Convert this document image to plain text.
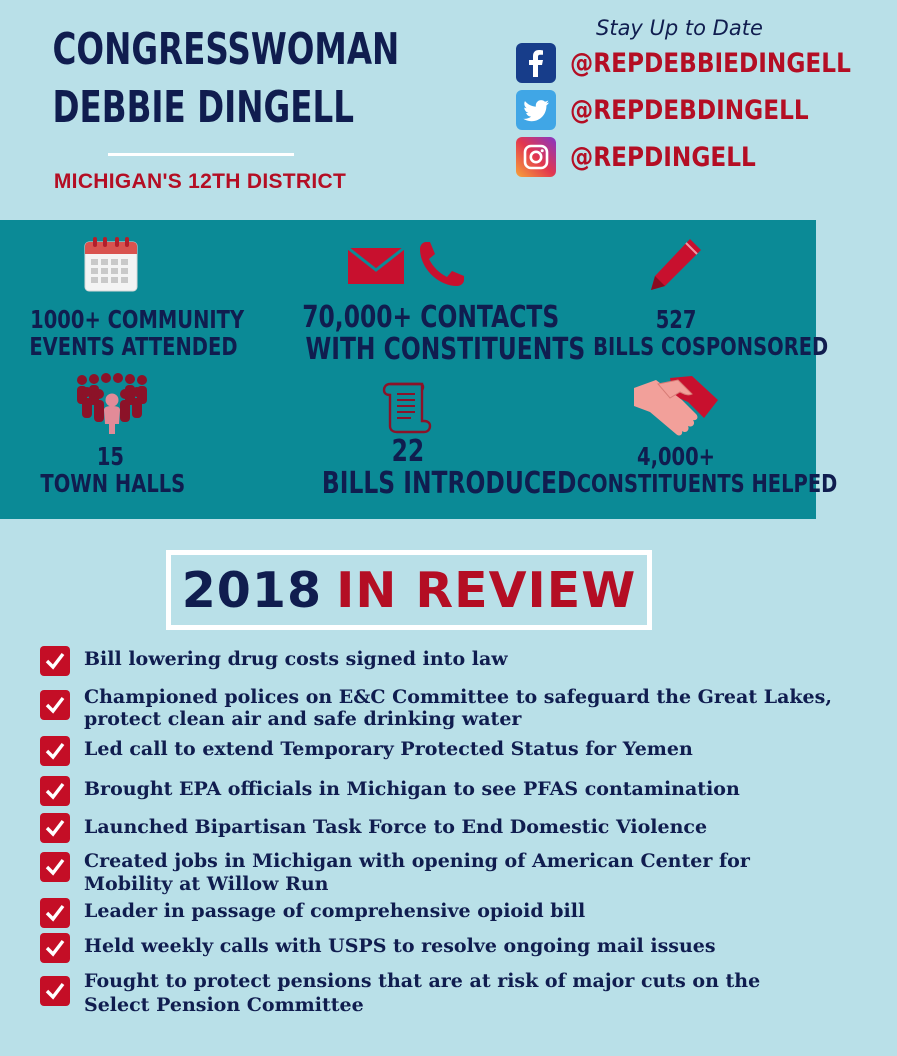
CONGRESSWOMAN
DEBBIE DINGELL
MICHIGAN'S 12TH DISTRICT
Stay Up to Date
@REPDEBBIEDINGELL
@REPDEBDINGELL
@REPDINGELL
1000+ COMMUNITY
EVENTS ATTENDED
70,000+ CONTACTS
WITH CONSTITUENTS
527
BILLS COSPONSORED
15
TOWN HALLS
22
BILLS INTRODUCED
4,000+
CONSTITUENTS HELPED
2018 IN REVIEW
Bill lowering drug costs signed into law
Championed polices on E&C Committee to safeguard the Great Lakes,
protect clean air and safe drinking water
Led call to extend Temporary Protected Status for Yemen
Brought EPA officials in Michigan to see PFAS contamination
Launched Bipartisan Task Force to End Domestic Violence
Created jobs in Michigan with opening of American Center for
Mobility at Willow Run
Leader in passage of comprehensive opioid bill
Held weekly calls with USPS to resolve ongoing mail issues
Fought to protect pensions that are at risk of major cuts on the
Select Pension Committee
